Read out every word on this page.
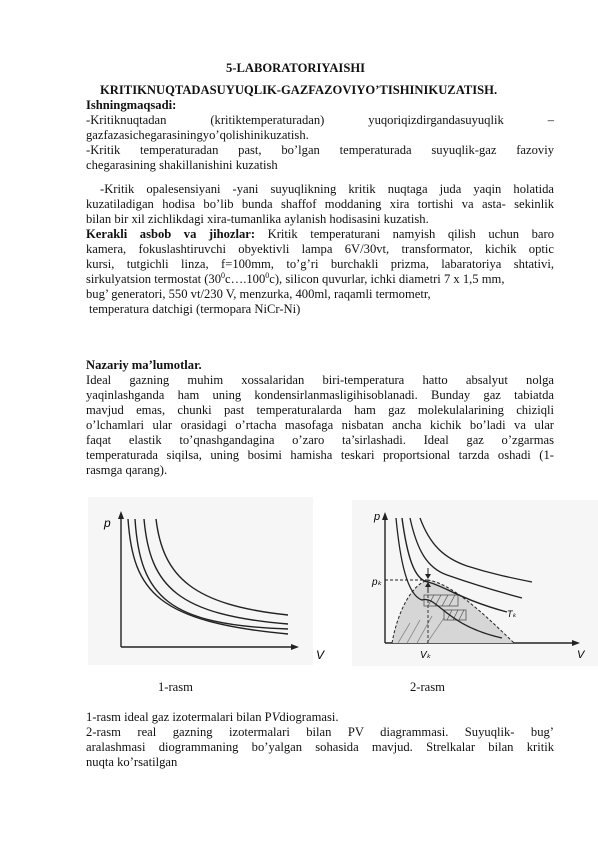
5-LABORATORIYAISHI
KRITIKNUQTADASUYUQLIK-GAZFAZOVIYO’TISHINIKUZATISH.
Ishningmaqsadi:
-Kritiknuqtadan (kritiktemperaturadan) yuqoriqizdirgandasuyuqlik –
gazfazasichegarasiningyo’qolishinikuzatish.
-Kritik temperaturadan past, bo’lgan temperaturada suyuqlik-gaz fazoviy
chegarasining shakillanishini kuzatish
-Kritik opalesensiyani -yani suyuqlikning kritik nuqtaga juda yaqin holatida
kuzatiladigan hodisa bo’lib bunda shaffof moddaning xira tortishi va asta- sekinlik
bilan bir xil zichlikdagi xira-tumanlika aylanish hodisasini kuzatish.
Kerakli asbob va jihozlar: Kritik temperaturani namyish qilish uchun baro
kamera, fokuslashtiruvchi obyektivli lampa 6V/30vt, transformator, kichik optic
kursi, tutgichli linza, f=100mm, to’g’ri burchakli prizma, labaratoriya shtativi,
sirkulyatsion termostat $(30^0c\dots.100^0c)$, silicon quvurlar, ichki diametri 7 x 1,5 mm,
bug’ generatori, 550 vt/230 V, menzurka, 400ml, raqamli termometr,
temperatura datchigi (termopara NiCr-Ni)
Nazariy ma’lumotlar.
Ideal gazning muhim xossalaridan biri-temperatura hatto absalyut nolga
yaqinlashganda ham uning kondensirlanmasligihisoblanadi. Bunday gaz tabiatda
mavjud emas, chunki past temperaturalarda ham gaz molekulalarining chiziqli
o’lchamlari ular orasidagi o’rtacha masofaga nisbatan ancha kichik bo’ladi va ular
faqat elastik to’qnashgandagina o’zaro ta’sirlashadi. Ideal gaz o’zgarmas
temperaturada siqilsa, uning bosimi hamisha teskari proportsional tarzda oshadi (1-
rasmga qarang).
p
V
p
V
pₖ
Tₖ
Vₖ
1-rasm	2-rasm
1-rasm ideal gaz izotermalari bilan PVdiogramasi.
2-rasm real gazning izotermalari bilan PV diagrammasi. Suyuqlik- bug’
aralashmasi diogrammaning bo’yalgan sohasida mavjud. Strelkalar bilan kritik
nuqta ko’rsatilgan
